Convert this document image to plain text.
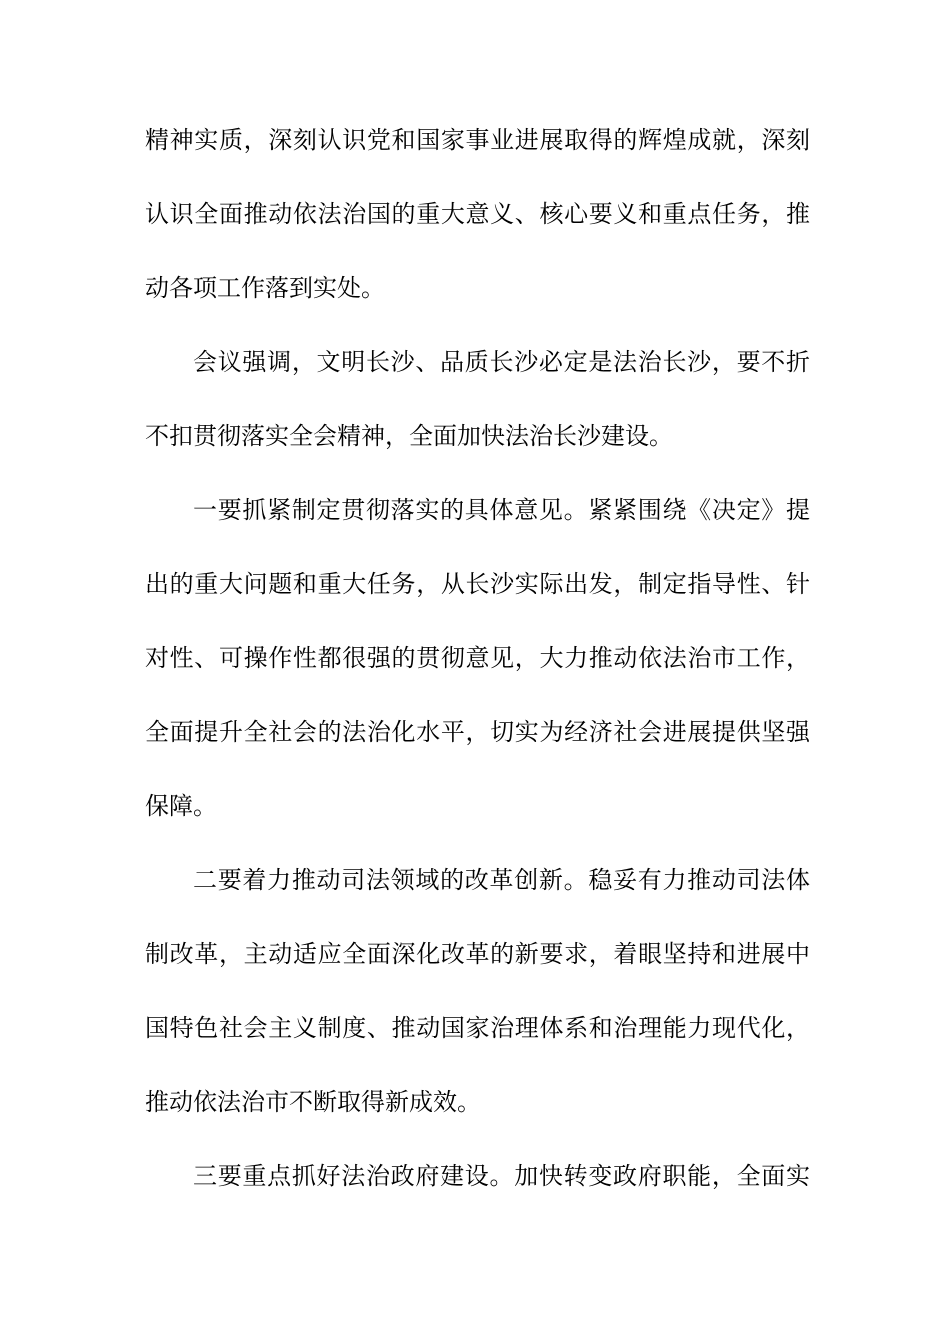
精神实质，深刻认识党和国家事业进展取得的辉煌成就，深刻
认识全面推动依法治国的重大意义、核心要义和重点任务，推
动各项工作落到实处。
会议强调，文明长沙、品质长沙必定是法治长沙，要不折
不扣贯彻落实全会精神，全面加快法治长沙建设。
一要抓紧制定贯彻落实的具体意见。紧紧围绕《决定》提
出的重大问题和重大任务，从长沙实际出发，制定指导性、针
对性、可操作性都很强的贯彻意见，大力推动依法治市工作，
全面提升全社会的法治化水平，切实为经济社会进展提供坚强
保障。
二要着力推动司法领域的改革创新。稳妥有力推动司法体
制改革，主动适应全面深化改革的新要求，着眼坚持和进展中
国特色社会主义制度、推动国家治理体系和治理能力现代化，
推动依法治市不断取得新成效。
三要重点抓好法治政府建设。加快转变政府职能，全面实
